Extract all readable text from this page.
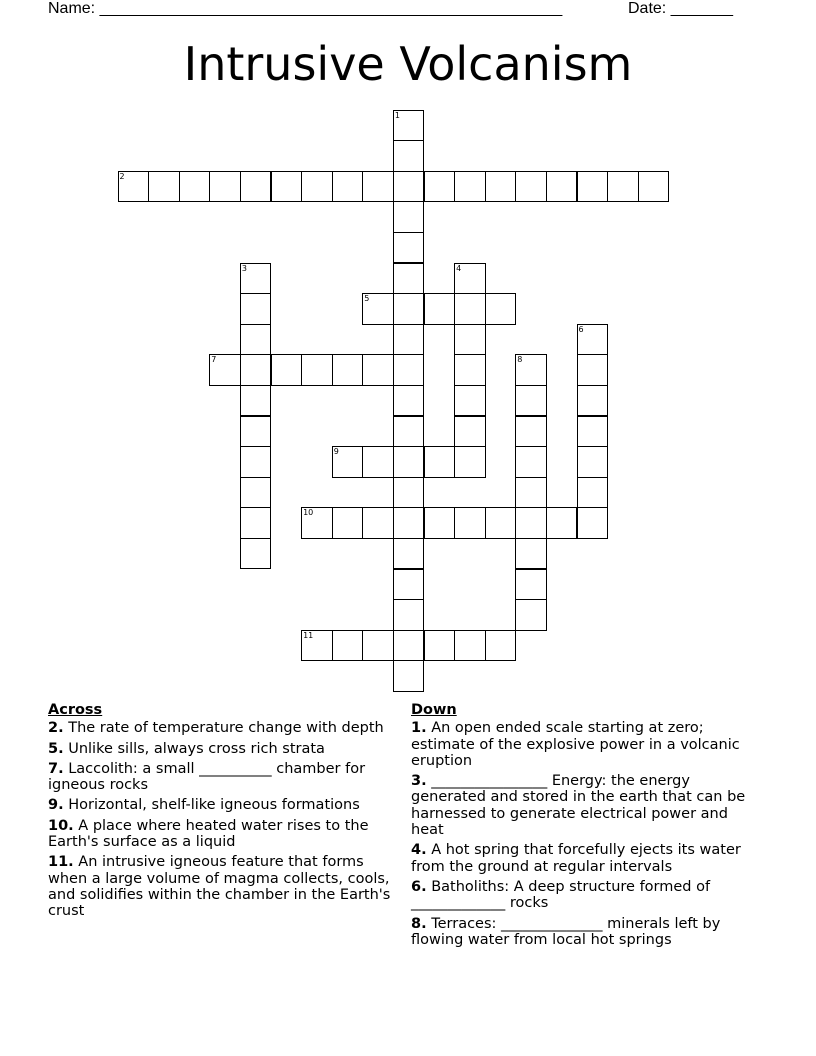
Name: ____________________________________________________	Date: _______
Intrusive Volcanism
1
2
3	4
5
6
7	8
9
10
11
Across
2. The rate of temperature change with depth
5. Unlike sills, always cross rich strata
7. Laccolith: a small __________ chamber for igneous rocks
9. Horizontal, shelf-like igneous formations
10. A place where heated water rises to the Earth's surface as a liquid
11. An intrusive igneous feature that forms when a large volume of magma collects, cools, and solidifies within the chamber in the Earth's crust
Down
1. An open ended scale starting at zero; estimate of the explosive power in a volcanic eruption
3. ________________ Energy: the energy generated and stored in the earth that can be harnessed to generate electrical power and heat
4. A hot spring that forcefully ejects its water from the ground at regular intervals
6. Batholiths: A deep structure formed of _____________ rocks
8. Terraces: ______________ minerals left by flowing water from local hot springs
